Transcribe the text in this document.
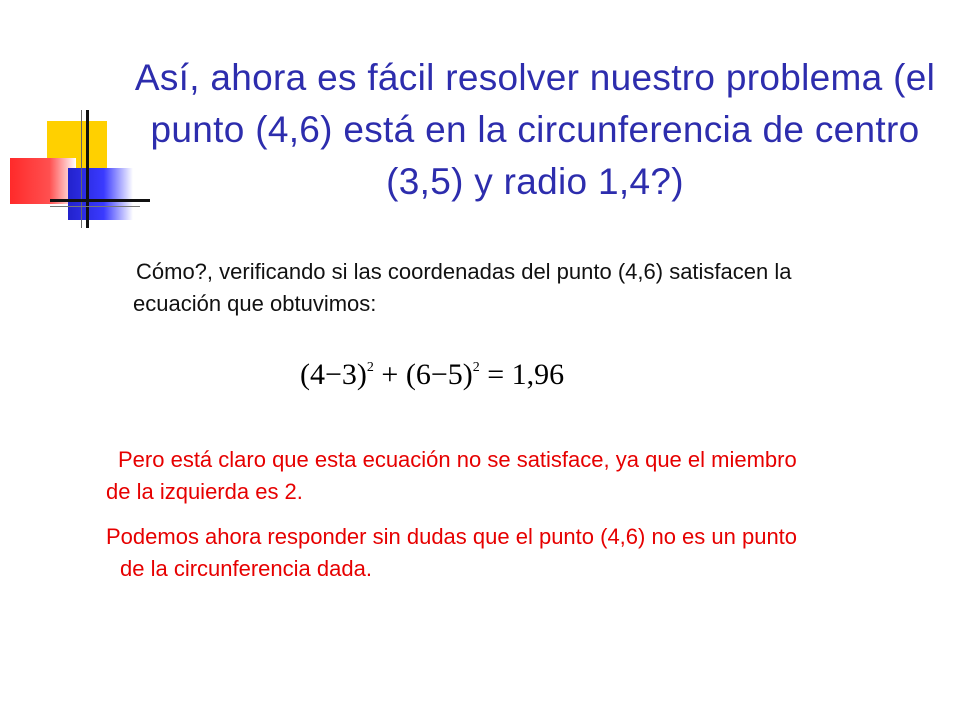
Así, ahora es fácil resolver nuestro problema (el
punto (4,6) está en la circunferencia de centro
(3,5) y radio 1,4?)
Cómo?, verificando si las coordenadas del punto (4,6) satisfacen la
ecuación que obtuvimos:
$(4-3)^2 + (6-5)^2 = 1,96$
Pero está claro que esta ecuación no se satisface, ya que el miembro
de la izquierda es 2.
Podemos ahora responder sin dudas que el punto (4,6) no es un punto
de la circunferencia dada.
